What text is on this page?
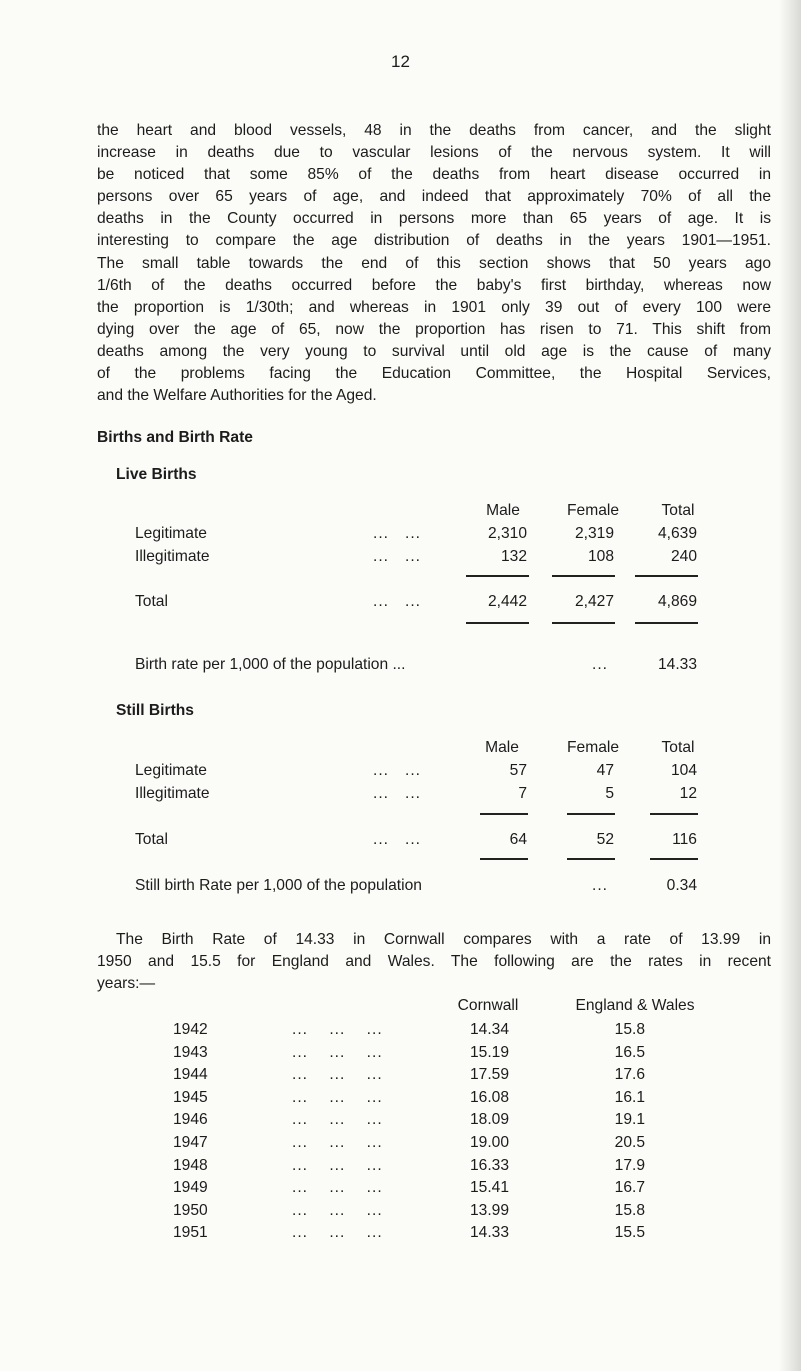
12
the heart and blood vessels, 48 in the deaths from cancer, and the slight
increase in deaths due to vascular lesions of the nervous system. It will
be noticed that some 85% of the deaths from heart disease occurred in
persons over 65 years of age, and indeed that approximately 70% of all the
deaths in the County occurred in persons more than 65 years of age. It is
interesting to compare the age distribution of deaths in the years 1901—1951.
The small table towards the end of this section shows that 50 years ago
1/6th of the deaths occurred before the baby's first birthday, whereas now
the proportion is 1/30th; and whereas in 1901 only 39 out of every 100 were
dying over the age of 65, now the proportion has risen to 71. This shift from
deaths among the very young to survival until old age is the cause of many
of the problems facing the Education Committee, the Hospital Services,
and the Welfare Authorities for the Aged.
Births and Birth Rate
Live Births
Male	Female	Total
Legitimate	...   ...	2,310	2,319	4,639
Illegitimate	...   ...	132	108	240
Total	...   ...	2,442	2,427	4,869
Birth rate per 1,000 of the population ...	...	14.33
Still Births
Male	Female	Total
Legitimate	...   ...	57	47	104
Illegitimate	...   ...	7	5	12
Total	...   ...	64	52	116
Still birth Rate per 1,000 of the population	...	0.34
The Birth Rate of 14.33 in Cornwall compares with a rate of 13.99 in
1950 and 15.5 for England and Wales. The following are the rates in recent
years:—
Cornwall	England & Wales
1942	...    ...    ...	14.34	15.8
1943	...    ...    ...	15.19	16.5
1944	...    ...    ...	17.59	17.6
1945	...    ...    ...	16.08	16.1
1946	...    ...    ...	18.09	19.1
1947	...    ...    ...	19.00	20.5
1948	...    ...    ...	16.33	17.9
1949	...    ...    ...	15.41	16.7
1950	...    ...    ...	13.99	15.8
1951	...    ...    ...	14.33	15.5
